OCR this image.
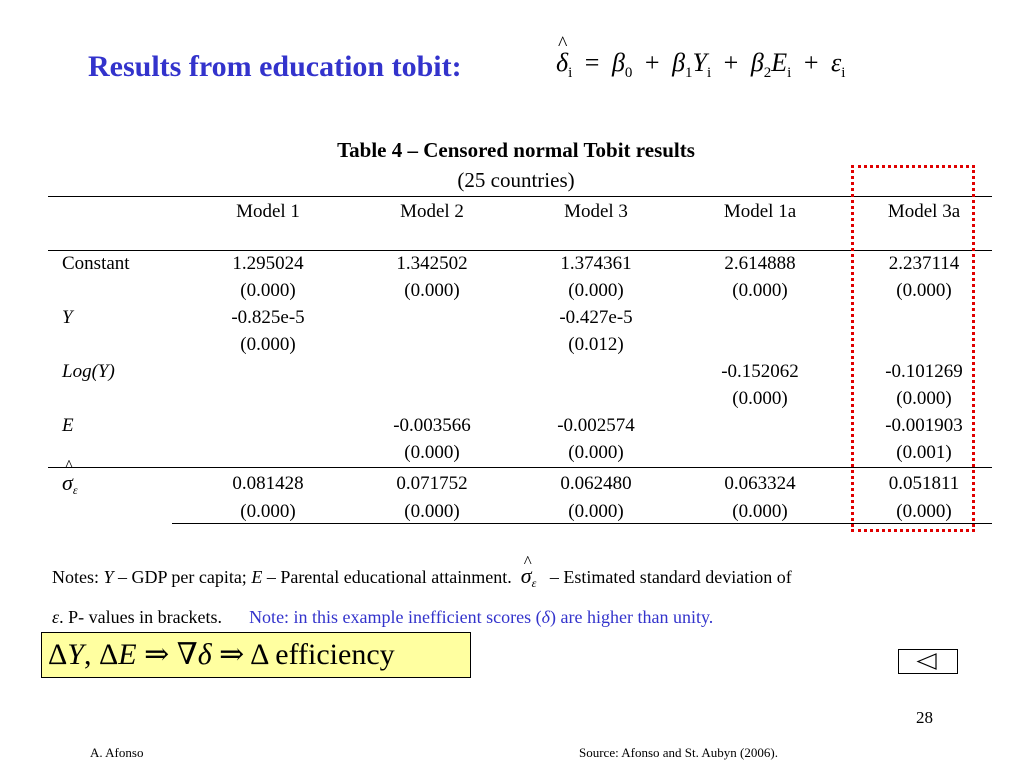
Results from education tobit:	^ $\delta_i = \beta_0 + \beta_1Y_i + \beta_2E_i + \varepsilon_i$
Table 4 – Censored normal Tobit results
(25 countries)
	Model 1	Model 2	Model 3	Model 1a	Model 3a

Constant	1.295024	1.342502	1.374361	2.614888	2.237114
	(0.000)	(0.000)	(0.000)	(0.000)	(0.000)
Y	-0.825e-5		-0.427e-5		
	(0.000)		(0.012)		
Log(Y)				-0.152062	-0.101269
				(0.000)	(0.000)
E		-0.003566	-0.002574		-0.001903
		(0.000)	(0.000)		(0.001)

^ $\sigma_\varepsilon$	0.081428	0.071752	0.062480	0.063324	0.051811
	(0.000)	(0.000)	(0.000)	(0.000)	(0.000)
Notes: Y – GDP per capita; E – Parental educational attainment.  ^ $\sigma_\varepsilon$   – Estimated standard deviation of
ε. P- values in brackets. Note: in this example inefficient scores (δ) are higher than unity.
ΔY, ΔE ⇒ ∇δ ⇒ Δ efficiency
28
A. Afonso	Source: Afonso and St. Aubyn (2006).
